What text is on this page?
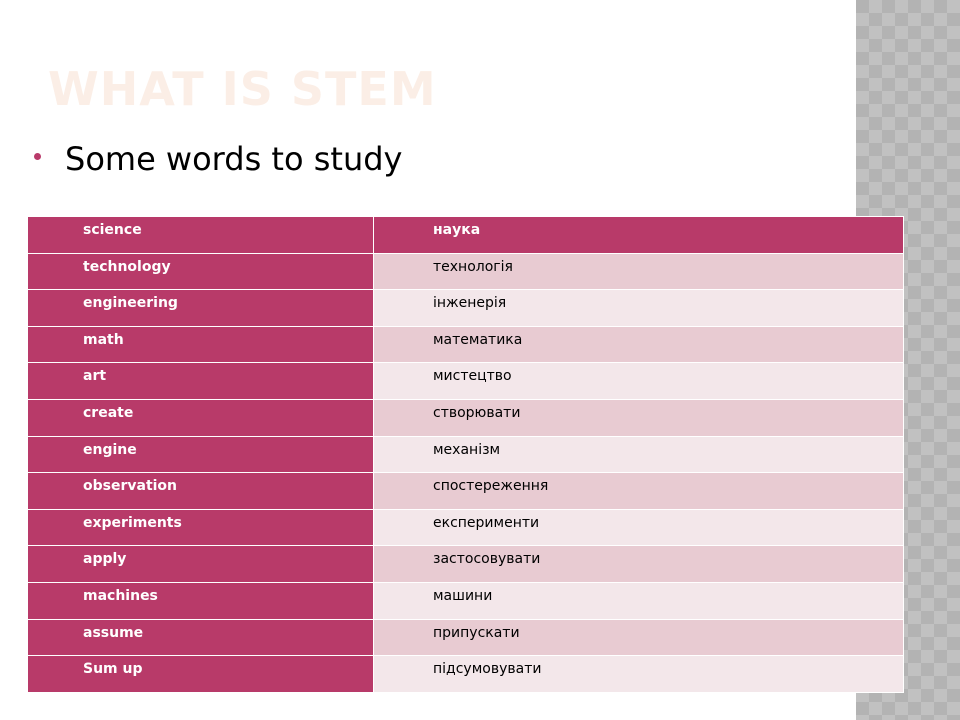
WHAT IS STEM
Some words to study
science	наука

technology	технологія

engineering	інженерія

math	математика

art	мистецтво

create	створювати

engine	механізм

observation	спостереження

experiments	експерименти

apply	застосовувати

machines	машини

assume	припускати

Sum up	підсумовувати
